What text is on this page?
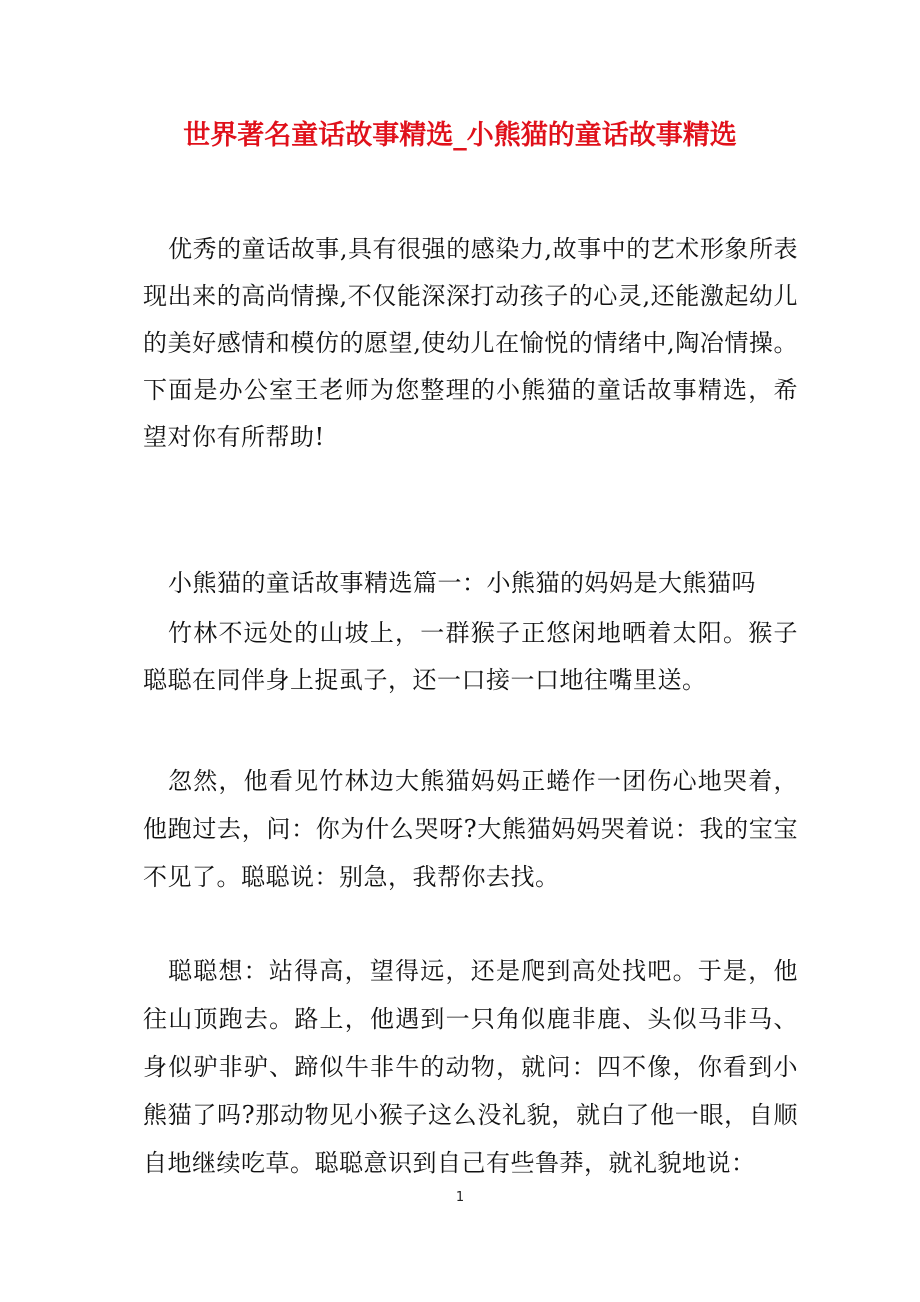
世界著名童话故事精选_小熊猫的童话故事精选

优秀的童话故事,具有很强的感染力,故事中的艺术形象所表现出来的高尚情操,不仅能深深打动孩子的心灵,还能激起幼儿的美好感情和模仿的愿望,使幼儿在愉悦的情绪中,陶冶情操。下面是办公室王老师为您整理的小熊猫的童话故事精选，希望对你有所帮助!

小熊猫的童话故事精选篇一：小熊猫的妈妈是大熊猫吗

竹林不远处的山坡上，一群猴子正悠闲地晒着太阳。猴子聪聪在同伴身上捉虱子，还一口接一口地往嘴里送。

忽然，他看见竹林边大熊猫妈妈正蜷作一团伤心地哭着，他跑过去，问：你为什么哭呀?大熊猫妈妈哭着说：我的宝宝不见了。聪聪说：别急，我帮你去找。

聪聪想：站得高，望得远，还是爬到高处找吧。于是，他往山顶跑去。路上，他遇到一只角似鹿非鹿、头似马非马、身似驴非驴、蹄似牛非牛的动物，就问：四不像，你看到小熊猫了吗?那动物见小猴子这么没礼貌，就白了他一眼，自顺自地继续吃草。聪聪意识到自己有些鲁莽，就礼貌地说：

1
